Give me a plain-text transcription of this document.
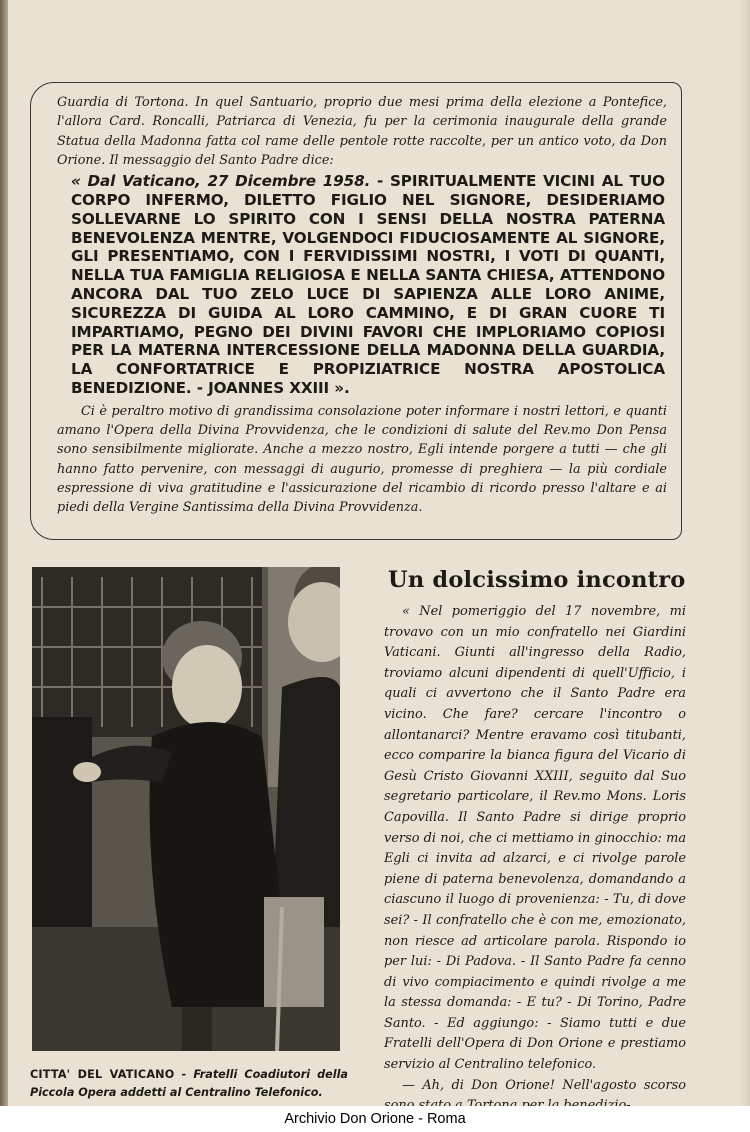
Guardia di Tortona. In quel Santuario, proprio due mesi prima della elezione a Pontefice, l'allora Card. Roncalli, Patriarca di Venezia, fu per la cerimonia inaugurale della grande Statua della Madonna fatta col rame delle pentole rotte raccolte, per un antico voto, da Don Orione. Il messaggio del Santo Padre dice:

« Dal Vaticano, 27 Dicembre 1958. - SPIRITUALMENTE VICINI AL TUO CORPO INFERMO, DILETTO FIGLIO NEL SIGNORE, DESIDERIAMO SOLLEVARNE LO SPIRITO CON I SENSI DELLA NOSTRA PATERNA BENEVOLENZA MENTRE, VOLGENDOCI FIDUCIOSAMENTE AL SIGNORE, GLI PRESENTIAMO, CON I FERVIDISSIMI NOSTRI, I VOTI DI QUANTI, NELLA TUA FAMIGLIA RELIGIOSA E NELLA SANTA CHIESA, ATTENDONO ANCORA DAL TUO ZELO LUCE DI SAPIENZA ALLE LORO ANIME, SICUREZZA DI GUIDA AL LORO CAMMINO, E DI GRAN CUORE TI IMPARTIAMO, PEGNO DEI DIVINI FAVORI CHE IMPLORIAMO COPIOSI PER LA MATERNA INTERCESSIONE DELLA MADONNA DELLA GUARDIA, LA CONFORTATRICE E PROPIZIATRICE NOSTRA APOSTOLICA BENEDIZIONE. - JOANNES XXIII ».

Ci è peraltro motivo di grandissima consolazione poter informare i nostri lettori, e quanti amano l'Opera della Divina Provvidenza, che le condizioni di salute del Rev.mo Don Pensa sono sensibilmente migliorate. Anche a mezzo nostro, Egli intende porgere a tutti — che gli hanno fatto pervenire, con messaggi di augurio, promesse di preghiera — la più cordiale espressione di viva gratitudine e l'assicurazione del ricambio di ricordo presso l'altare e ai piedi della Vergine Santissima della Divina Provvidenza.

CITTA' DEL VATICANO - Fratelli Coadiutori della Piccola Opera addetti al Centralino Telefonico.

Un dolcissimo incontro

« Nel pomeriggio del 17 novembre, mi trovavo con un mio confratello nei Giardini Vaticani. Giunti all'ingresso della Radio, troviamo alcuni dipendenti di quell'Ufficio, i quali ci avvertono che il Santo Padre era vicino. Che fare? cercare l'incontro o allontanarci? Mentre eravamo così titubanti, ecco comparire la bianca figura del Vicario di Gesù Cristo Giovanni XXIII, seguito dal Suo segretario particolare, il Rev.mo Mons. Loris Capovilla. Il Santo Padre si dirige proprio verso di noi, che ci mettiamo in ginocchio: ma Egli ci invita ad alzarci, e ci rivolge parole piene di paterna benevolenza, domandando a ciascuno il luogo di provenienza: - Tu, di dove sei? - Il confratello che è con me, emozionato, non riesce ad articolare parola. Rispondo io per lui: - Di Padova. - Il Santo Padre fa cenno di vivo compiacimento e quindi rivolge a me la stessa domanda: - E tu? - Di Torino, Padre Santo. - Ed aggiungo: - Siamo tutti e due Fratelli dell'Opera di Don Orione e prestiamo servizio al Centralino telefonico.

— Ah, di Don Orione! Nell'agosto scorso

Archivio Don Orione - Roma
